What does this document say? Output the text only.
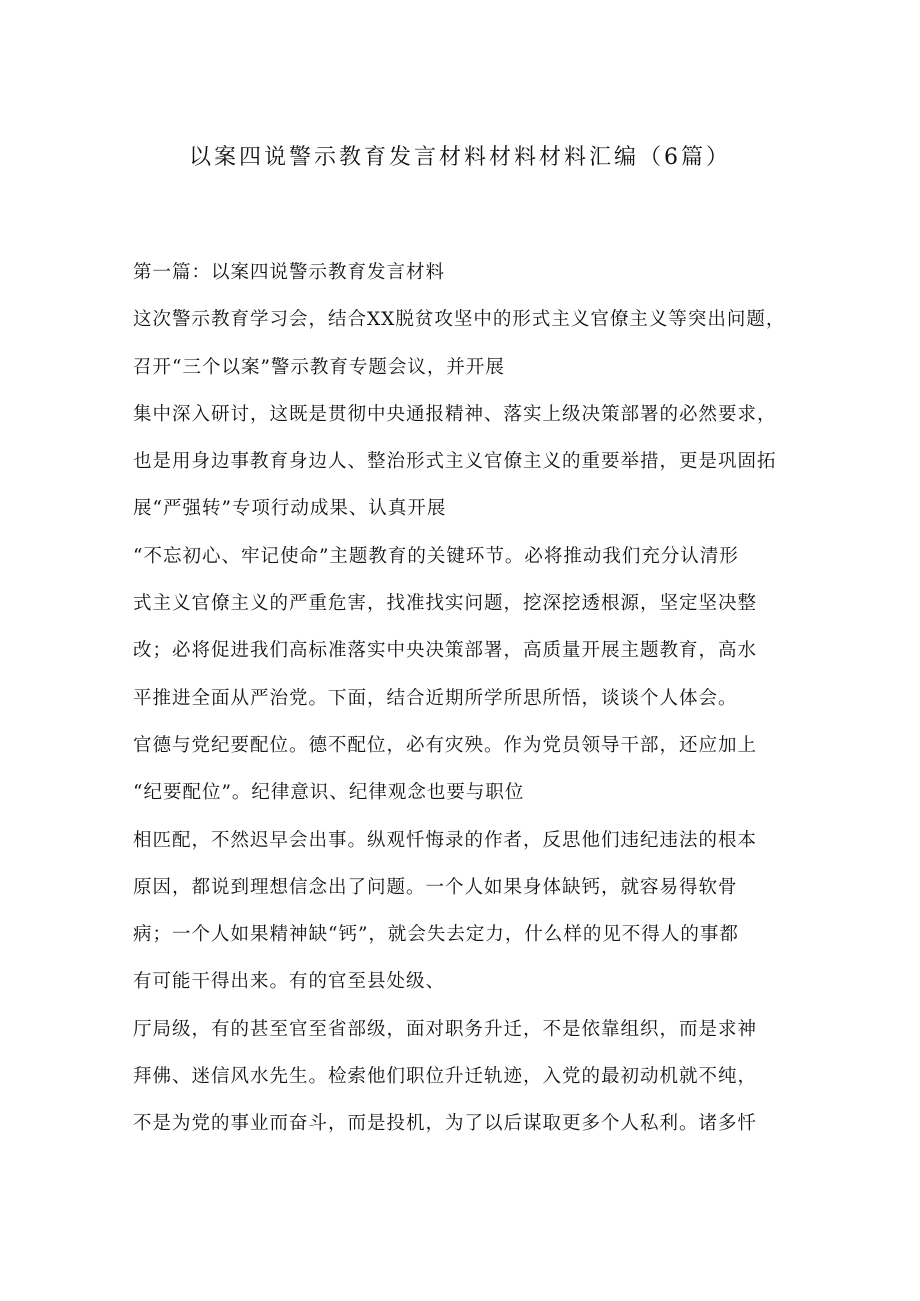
以案四说警示教育发言材料材料材料汇编（6篇）
第一篇：以案四说警示教育发言材料
这次警示教育学习会，结合XX脱贫攻坚中的形式主义官僚主义等突出问题，
召开“三个以案”警示教育专题会议，并开展
集中深入研讨，这既是贯彻中央通报精神、落实上级决策部署的必然要求，
也是用身边事教育身边人、整治形式主义官僚主义的重要举措，更是巩固拓
展“严强转”专项行动成果、认真开展
“不忘初心、牢记使命”主题教育的关键环节。必将推动我们充分认清形
式主义官僚主义的严重危害，找准找实问题，挖深挖透根源，坚定坚决整
改；必将促进我们高标准落实中央决策部署，高质量开展主题教育，高水
平推进全面从严治党。下面，结合近期所学所思所悟，谈谈个人体会。
官德与党纪要配位。德不配位，必有灾殃。作为党员领导干部，还应加上
“纪要配位”。纪律意识、纪律观念也要与职位
相匹配，不然迟早会出事。纵观忏悔录的作者，反思他们违纪违法的根本
原因，都说到理想信念出了问题。一个人如果身体缺钙，就容易得软骨
病；一个人如果精神缺“钙”，就会失去定力，什么样的见不得人的事都
有可能干得出来。有的官至县处级、
厅局级，有的甚至官至省部级，面对职务升迁，不是依靠组织，而是求神
拜佛、迷信风水先生。检索他们职位升迁轨迹，入党的最初动机就不纯，
不是为党的事业而奋斗，而是投机，为了以后谋取更多个人私利。诸多忏
